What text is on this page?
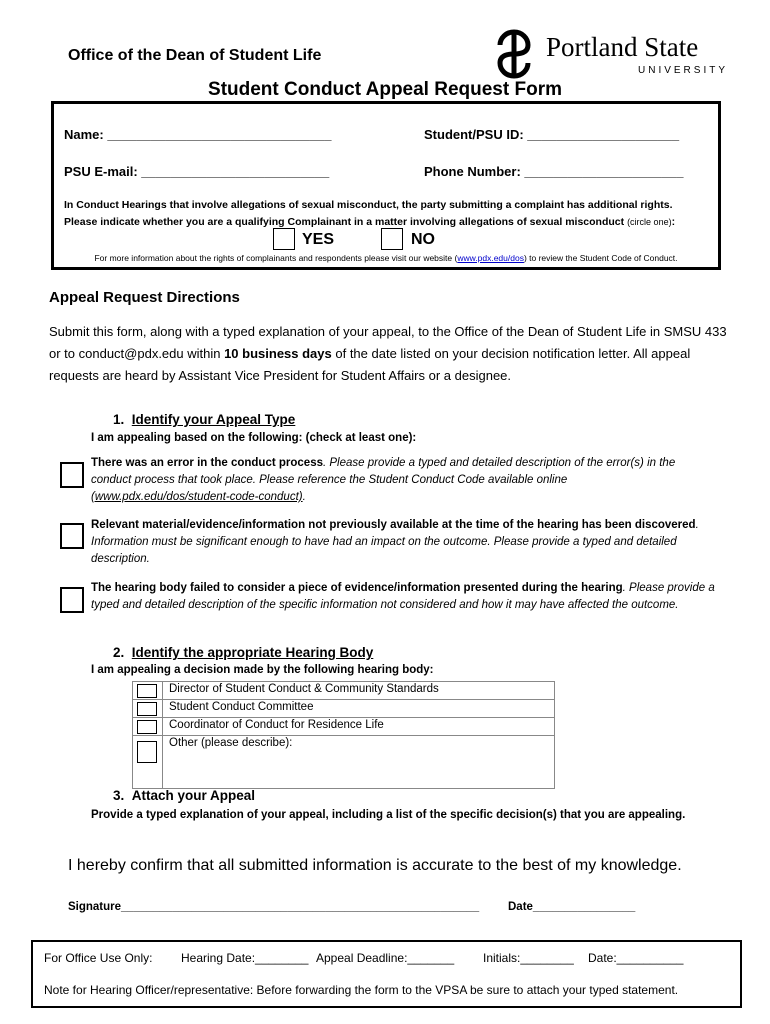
Office of the Dean of Student Life	Portland State
UNIVERSITY
Student Conduct Appeal Request Form
Name: _______________________________	Student/PSU ID: _____________________
PSU E-mail: __________________________	Phone Number: ______________________
In Conduct Hearings that involve allegations of sexual misconduct, the party submitting a complaint has additional rights.
Please indicate whether you are a qualifying Complainant in a matter involving allegations of sexual misconduct (circle one):
YES	NO
For more information about the rights of complainants and respondents please visit our website (www.pdx.edu/dos) to review the Student Code of Conduct.
Appeal Request Directions
Submit this form, along with a typed explanation of your appeal, to the Office of the Dean of Student Life in SMSU 433 or to conduct@pdx.edu within 10 business days of the date listed on your decision notification letter. All appeal requests are heard by Assistant Vice President for Student Affairs or a designee.
1. Identify your Appeal Type
I am appealing based on the following: (check at least one):
There was an error in the conduct process. Please provide a typed and detailed description of the error(s) in the conduct process that took place. Please reference the Student Conduct Code available online
(www.pdx.edu/dos/student-code-conduct).
Relevant material/evidence/information not previously available at the time of the hearing has been discovered. Information must be significant enough to have had an impact on the outcome. Please provide a typed and detailed description.
The hearing body failed to consider a piece of evidence/information presented during the hearing. Please provide a typed and detailed description of the specific information not considered and how it may have affected the outcome.
2. Identify the appropriate Hearing Body
I am appealing a decision made by the following hearing body:
Director of Student Conduct & Community Standards
Student Conduct Committee
Coordinator of Conduct for Residence Life
Other (please describe):
3. Attach your Appeal
Provide a typed explanation of your appeal, including a list of the specific decision(s) that you are appealing.
I hereby confirm that all submitted information is accurate to the best of my knowledge.
Signature________________________________________________________	Date________________
For Office Use Only: Hearing Date:________ Appeal Deadline:_______ Initials:________ Date:__________
Note for Hearing Officer/representative: Before forwarding the form to the VPSA be sure to attach your typed statement.
